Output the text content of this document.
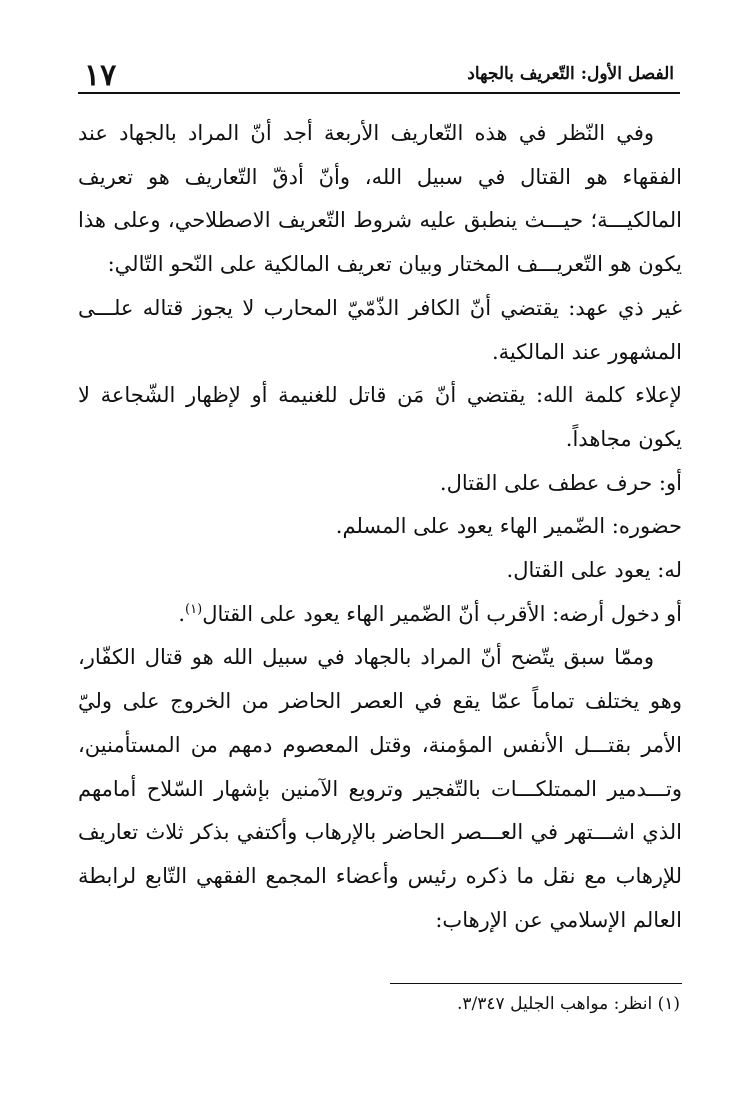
١٧	الفصل الأول: التّعريف بالجهاد

وفي النّظر في هذه التّعاريف الأربعة أجد أنّ المراد بالجهاد عند الفقهاء هو القتال في سبيل الله، وأنّ أدقّ التّعاريف هو تعريف المالكيـــة؛ حيـــث ينطبق عليه شروط التّعريف الاصطلاحي، وعلى هذا يكون هو التّعريـــف المختار وبيان تعريف المالكية على النّحو التّالي:

غير ذي عهد: يقتضي أنّ الكافر الذّمّيّ المحارب لا يجوز قتاله علـــى المشهور عند المالكية.

لإعلاء كلمة الله: يقتضي أنّ مَن قاتل للغنيمة أو لإظهار الشّجاعة لا يكون مجاهداً.

أو: حرف عطف على القتال.

حضوره: الضّمير الهاء يعود على المسلم.

له: يعود على القتال.

أو دخول أرضه: الأقرب أنّ الضّمير الهاء يعود على القتال$^{(١)}$.

وممّا سبق يتّضح أنّ المراد بالجهاد في سبيل الله هو قتال الكفّار، وهو يختلف تماماً عمّا يقع في العصر الحاضر من الخروج على وليّ الأمر بقتـــل الأنفس المؤمنة، وقتل المعصوم دمهم من المستأمنين، وتـــدمير الممتلكـــات بالتّفجير وترويع الآمنين بإشهار السّلاح أمامهم الذي اشـــتهر في العـــصر الحاضر بالإرهاب وأكتفي بذكر ثلاث تعاريف للإرهاب مع نقل ما ذكره رئيس وأعضاء المجمع الفقهي التّابع لرابطة العالم الإسلامي عن الإرهاب:

(١) انظر: مواهب الجليل ٣/٣٤٧.
